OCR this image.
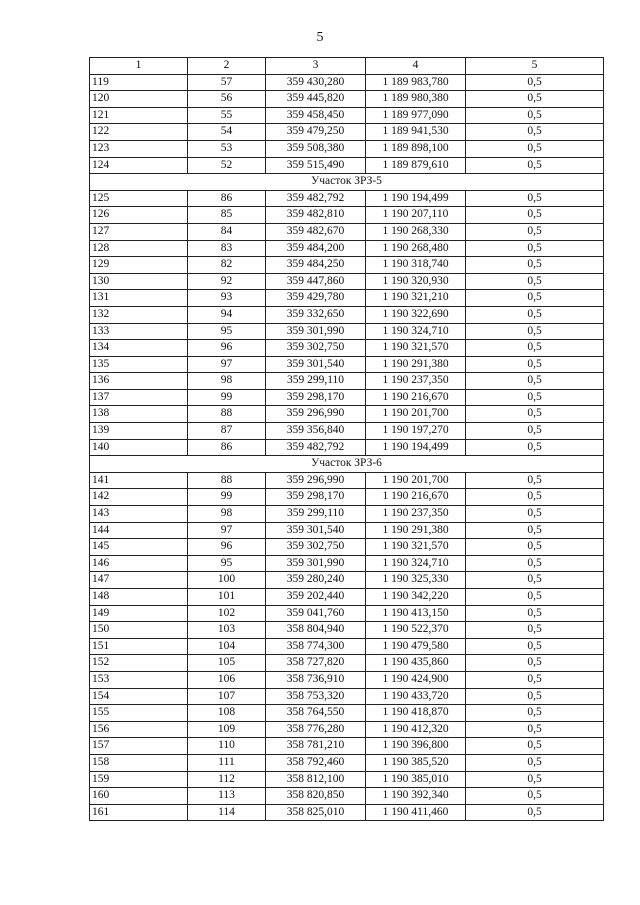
5
1	2	3	4	5
119	57	359 430,280	1 189 983,780	0,5
120	56	359 445,820	1 189 980,380	0,5
121	55	359 458,450	1 189 977,090	0,5
122	54	359 479,250	1 189 941,530	0,5
123	53	359 508,380	1 189 898,100	0,5
124	52	359 515,490	1 189 879,610	0,5
Участок ЗРЗ-5				
125	86	359 482,792	1 190 194,499	0,5
126	85	359 482,810	1 190 207,110	0,5
127	84	359 482,670	1 190 268,330	0,5
128	83	359 484,200	1 190 268,480	0,5
129	82	359 484,250	1 190 318,740	0,5
130	92	359 447,860	1 190 320,930	0,5
131	93	359 429,780	1 190 321,210	0,5
132	94	359 332,650	1 190 322,690	0,5
133	95	359 301,990	1 190 324,710	0,5
134	96	359 302,750	1 190 321,570	0,5
135	97	359 301,540	1 190 291,380	0,5
136	98	359 299,110	1 190 237,350	0,5
137	99	359 298,170	1 190 216,670	0,5
138	88	359 296,990	1 190 201,700	0,5
139	87	359 356,840	1 190 197,270	0,5
140	86	359 482,792	1 190 194,499	0,5
Участок ЗРЗ-6				
141	88	359 296,990	1 190 201,700	0,5
142	99	359 298,170	1 190 216,670	0,5
143	98	359 299,110	1 190 237,350	0,5
144	97	359 301,540	1 190 291,380	0,5
145	96	359 302,750	1 190 321,570	0,5
146	95	359 301,990	1 190 324,710	0,5
147	100	359 280,240	1 190 325,330	0,5
148	101	359 202,440	1 190 342,220	0,5
149	102	359 041,760	1 190 413,150	0,5
150	103	358 804,940	1 190 522,370	0,5
151	104	358 774,300	1 190 479,580	0,5
152	105	358 727,820	1 190 435,860	0,5
153	106	358 736,910	1 190 424,900	0,5
154	107	358 753,320	1 190 433,720	0,5
155	108	358 764,550	1 190 418,870	0,5
156	109	358 776,280	1 190 412,320	0,5
157	110	358 781,210	1 190 396,800	0,5
158	111	358 792,460	1 190 385,520	0,5
159	112	358 812,100	1 190 385,010	0,5
160	113	358 820,850	1 190 392,340	0,5
161	114	358 825,010	1 190 411,460	0,5
